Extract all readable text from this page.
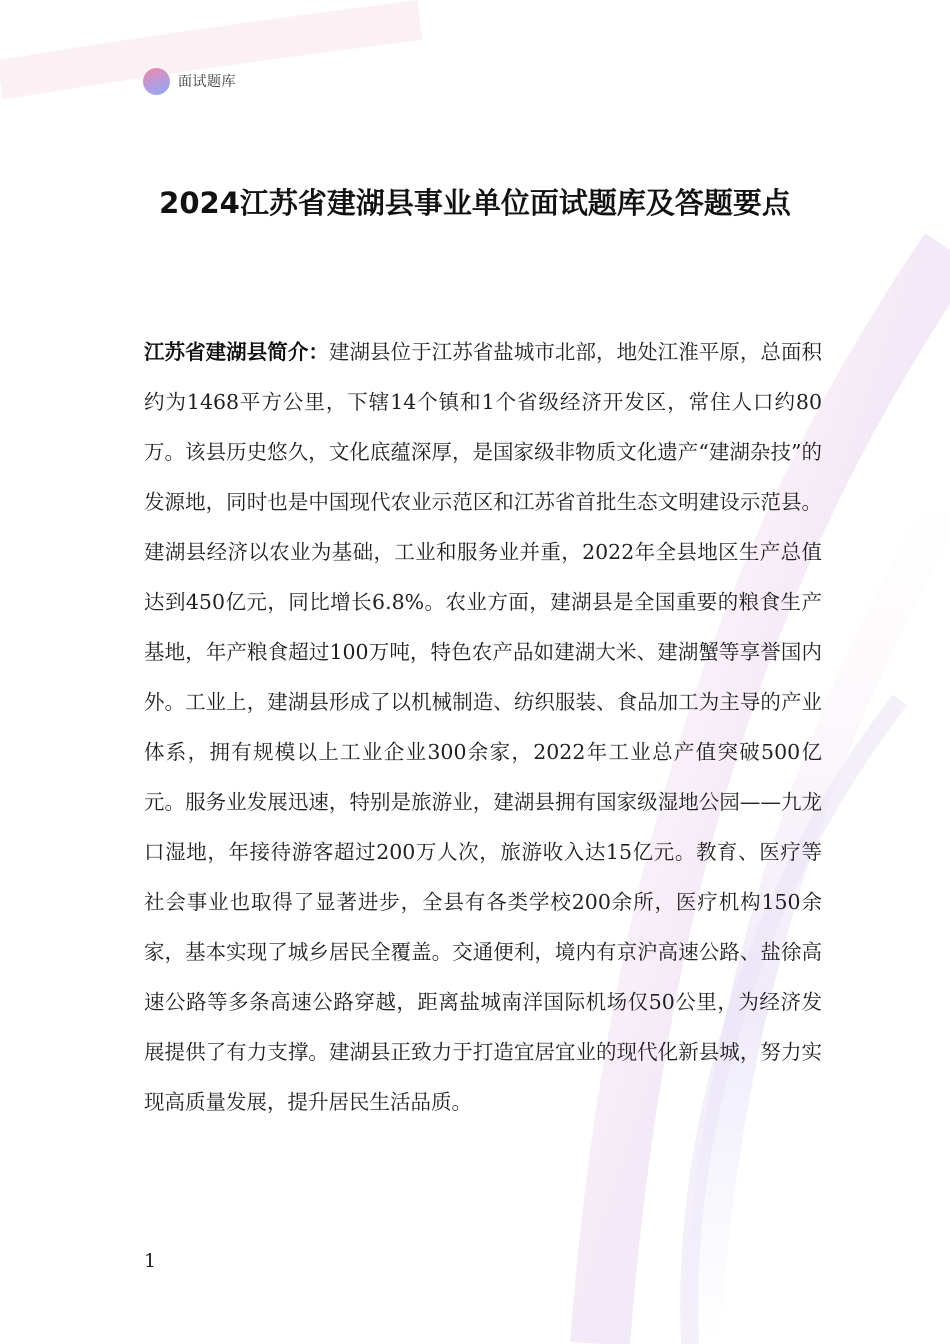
面试题库
2024江苏省建湖县事业单位面试题库及答题要点
江苏省建湖县简介：建湖县位于江苏省盐城市北部，地处江淮平原，总面积约为1468平方公里，下辖14个镇和1个省级经济开发区，常住人口约80万。该县历史悠久，文化底蕴深厚，是国家级非物质文化遗产“建湖杂技”的发源地，同时也是中国现代农业示范区和江苏省首批生态文明建设示范县。建湖县经济以农业为基础，工业和服务业并重，2022年全县地区生产总值达到450亿元，同比增长6.8%。农业方面，建湖县是全国重要的粮食生产基地，年产粮食超过100万吨，特色农产品如建湖大米、建湖蟹等享誉国内外。工业上，建湖县形成了以机械制造、纺织服装、食品加工为主导的产业体系，拥有规模以上工业企业300余家，2022年工业总产值突破500亿元。服务业发展迅速，特别是旅游业，建湖县拥有国家级湿地公园——九龙口湿地，年接待游客超过200万人次，旅游收入达15亿元。教育、医疗等社会事业也取得了显著进步，全县有各类学校200余所，医疗机构150余家，基本实现了城乡居民全覆盖。交通便利，境内有京沪高速公路、盐徐高速公路等多条高速公路穿越，距离盐城南洋国际机场仅50公里，为经济发展提供了有力支撑。建湖县正致力于打造宜居宜业的现代化新县城，努力实现高质量发展，提升居民生活品质。
1
